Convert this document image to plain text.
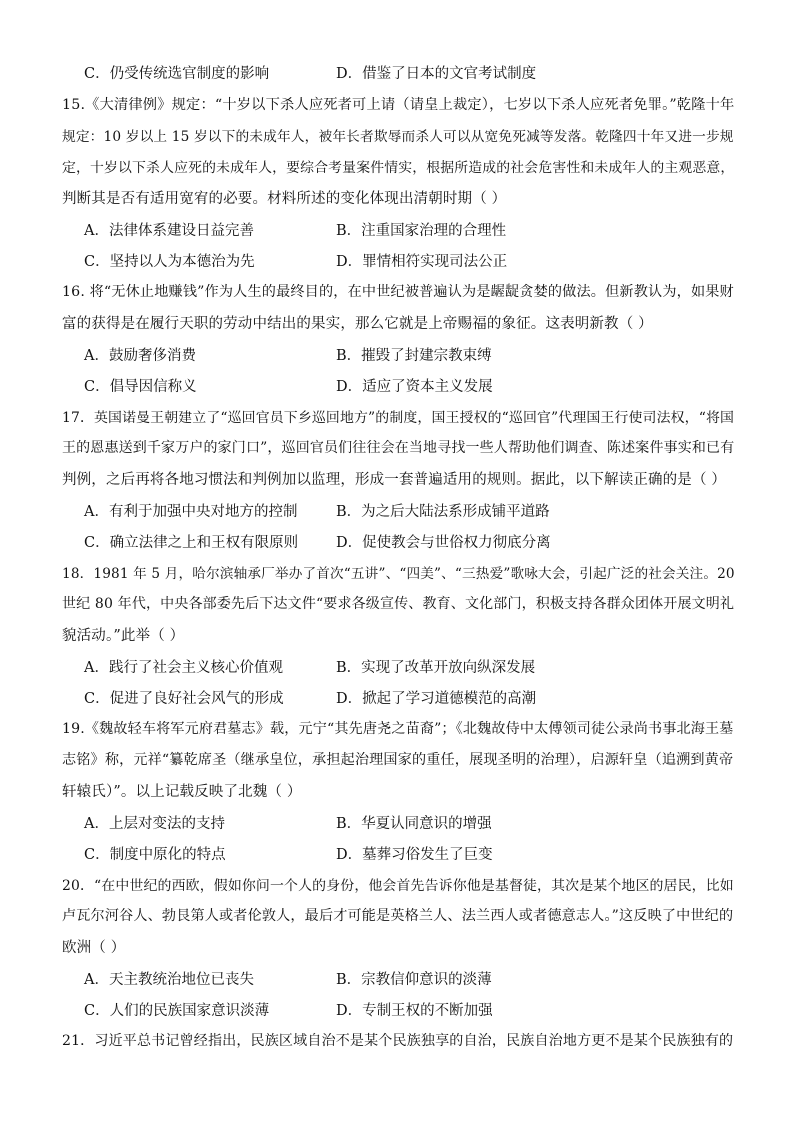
C．仍受传统选官制度的影响	D．借鉴了日本的文官考试制度
15.《大清律例》规定：“十岁以下杀人应死者可上请（请皇上裁定），七岁以下杀人应死者免罪。”乾隆十年
规定：10 岁以上 15 岁以下的未成年人，被年长者欺辱而杀人可以从宽免死减等发落。乾隆四十年又进一步规
定，十岁以下杀人应死的未成年人，要综合考量案件情实，根据所造成的社会危害性和未成年人的主观恶意，
判断其是否有适用宽宥的必要。材料所述的变化体现出清朝时期（ ）
A．法律体系建设日益完善	B．注重国家治理的合理性
C．坚持以人为本德治为先	D．罪情相符实现司法公正
16. 将“无休止地赚钱”作为人生的最终目的，在中世纪被普遍认为是龌龊贪婪的做法。但新教认为，如果财
富的获得是在履行天职的劳动中结出的果实，那么它就是上帝赐福的象征。这表明新教（ ）
A．鼓励奢侈消费	B．摧毁了封建宗教束缚
C．倡导因信称义	D．适应了资本主义发展
17．英国诺曼王朝建立了“巡回官员下乡巡回地方”的制度，国王授权的“巡回官”代理国王行使司法权，“将国
王的恩惠送到千家万户的家门口”，巡回官员们往往会在当地寻找一些人帮助他们调查、陈述案件事实和已有
判例，之后再将各地习惯法和判例加以监理，形成一套普遍适用的规则。据此，以下解读正确的是（ ）
A．有利于加强中央对地方的控制	B．为之后大陆法系形成铺平道路
C．确立法律之上和王权有限原则	D．促使教会与世俗权力彻底分离
18．1981 年 5 月，哈尔滨轴承厂举办了首次“五讲”、“四美”、“三热爱”歌咏大会，引起广泛的社会关注。20
世纪 80 年代，中央各部委先后下达文件“要求各级宣传、教育、文化部门，积极支持各群众团体开展文明礼
貌活动。”此举（ ）
A．践行了社会主义核心价值观	B．实现了改革开放向纵深发展
C．促进了良好社会风气的形成	D．掀起了学习道德模范的高潮
19.《魏故轻车将军元府君墓志》载，元宁“其先唐尧之苗裔”；《北魏故侍中太傅领司徒公录尚书事北海王墓
志铭》称，元祥“纂乾席圣（继承皇位，承担起治理国家的重任，展现圣明的治理），启源轩皇（追溯到黄帝
轩辕氏）”。以上记载反映了北魏（ ）
A．上层对变法的支持	B．华夏认同意识的增强
C．制度中原化的特点	D．墓葬习俗发生了巨变
20．“在中世纪的西欧，假如你问一个人的身份，他会首先告诉你他是基督徒，其次是某个地区的居民，比如
卢瓦尔河谷人、勃艮第人或者伦敦人，最后才可能是英格兰人、法兰西人或者德意志人。”这反映了中世纪的
欧洲（ ）
A．天主教统治地位已丧失	B．宗教信仰意识的淡薄
C．人们的民族国家意识淡薄	D．专制王权的不断加强
21．习近平总书记曾经指出，民族区域自治不是某个民族独享的自治，民族自治地方更不是某个民族独有的
